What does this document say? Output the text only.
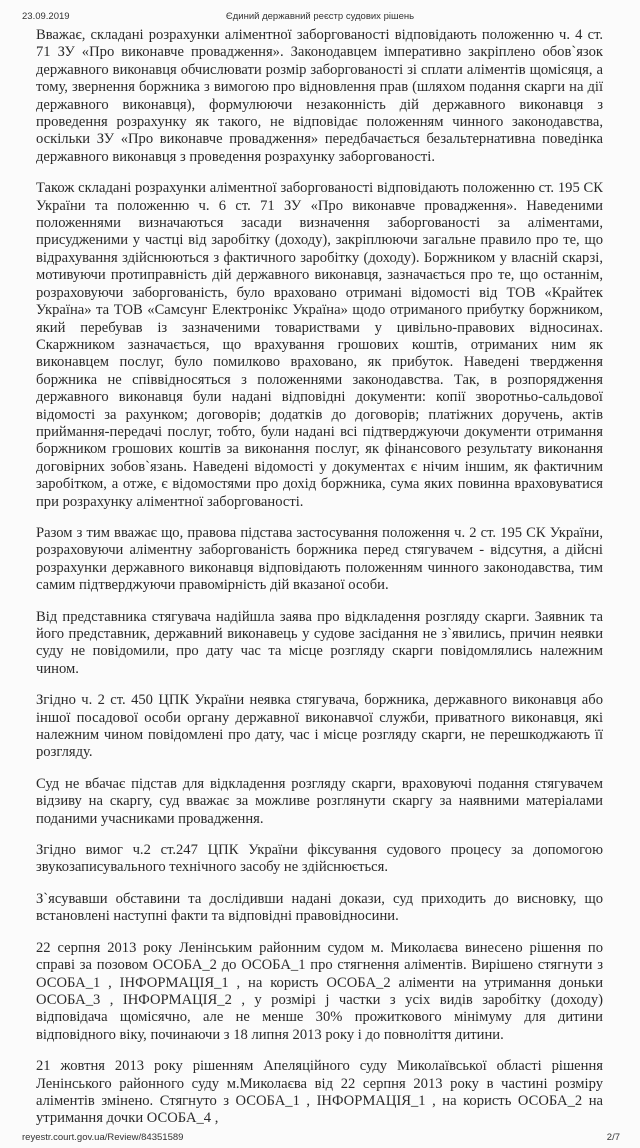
23.09.2019	Єдиний державний реєстр судових рішень

Вважає, складані розрахунки аліментної заборгованості відповідають положенню ч. 4 ст. 71 ЗУ «Про виконавче провадження». Законодавцем імперативно закріплено обов`язок державного виконавця обчислювати розмір заборгованості зі сплати аліментів щомісяця, а тому, звернення боржника з вимогою про відновлення прав (шляхом подання скарги на дії державного виконавця), формулюючи незаконність дій державного виконавця з проведення розрахунку як такого, не відповідає положенням чинного законодавства, оскільки ЗУ «Про виконавче провадження» передбачається безальтернативна поведінка державного виконавця з проведення розрахунку заборгованості.

Також складані розрахунки аліментної заборгованості відповідають положенню ст. 195 СК України та положенню ч. 6 ст. 71 ЗУ «Про виконавче провадження». Наведеними положеннями визначаються засади визначення заборгованості за аліментами, присудженими у частці від заробітку (доходу), закріплюючи загальне правило про те, що відрахування здійснюються з фактичного заробітку (доходу). Боржником у власній скарзі, мотивуючи протиправність дій державного виконавця, зазначається про те, що останнім, розраховуючи заборгованість, було враховано отримані відомості від ТОВ «Крайтек Україна» та ТОВ «Самсунг Електронікс Україна» щодо отриманого прибутку боржником, який перебував із зазначеними товариствами у цивільно-правових відносинах. Скаржником зазначається, що врахування грошових коштів, отриманих ним як виконавцем послуг, було помилково враховано, як прибуток. Наведені твердження боржника не співвідносяться з положеннями законодавства. Так, в розпорядження державного виконавця були надані відповідні документи: копії зворотньо-сальдової відомості за рахунком; договорів; додатків до договорів; платіжних доручень, актів приймання-передачі послуг, тобто, були надані всі підтверджуючи документи отримання боржником грошових коштів за виконання послуг, як фінансового результату виконання договірних зобов`язань. Наведені відомості у документах є нічим іншим, як фактичним заробітком, а отже, є відомостями про дохід боржника, сума яких повинна враховуватися при розрахунку аліментної заборгованості.

Разом з тим вважає що, правова підстава застосування положення ч. 2 ст. 195 СК України, розраховуючи аліментну заборгованість боржника перед стягувачем - відсутня, а дійсні розрахунки державного виконавця відповідають положенням чинного законодавства, тим самим підтверджуючи правомірність дій вказаної особи.

Від представника стягувача надійшла заява про відкладення розгляду скарги. Заявник та його представник, державний виконавець у судове засідання не з`явились, причин неявки суду не повідомили, про дату час та місце розгляду скарги повідомлялись належним чином.

Згідно ч. 2 ст. 450 ЦПК України неявка стягувача, боржника, державного виконавця або іншої посадової особи органу державної виконавчої служби, приватного виконавця, які належним чином повідомлені про дату, час і місце розгляду скарги, не перешкоджають її розгляду.

Суд не вбачає підстав для відкладення розгляду скарги, враховуючі подання стягувачем відзиву на скаргу, суд вважає за можливе розглянути скаргу за наявними матеріалами поданими учасниками провадження.

Згідно вимог ч.2 ст.247 ЦПК України фіксування судового процесу за допомогою звукозаписувального технічного засобу не здійснюється.

З`ясувавши обставини та дослідивши надані докази, суд приходить до висновку, що встановлені наступні факти та відповідні правовідносини.

22 серпня 2013 року Ленінським районним судом м. Миколаєва винесено рішення по справі за позовом ОСОБА_2 до ОСОБА_1 про стягнення аліментів. Вирішено стягнути з ОСОБА_1 , ІНФОРМАЦІЯ_1 , на користь ОСОБА_2 аліменти на утримання доньки ОСОБА_3 , ІНФОРМАЦІЯ_2 , у розмірі j частки з усіх видів заробітку (доходу) відповідача щомісячно, але не менше 30% прожиткового мінімуму для дитини відповідного віку, починаючи з 18 липня 2013 року і до повноліття дитини.

21 жовтня 2013 року рішенням Апеляційного суду Миколаївської області рішення Ленінського районного суду м.Миколаєва від 22 серпня 2013 року в частині розміру аліментів змінено. Стягнуто з ОСОБА_1 , ІНФОРМАЦІЯ_1 , на користь ОСОБА_2 на утримання дочки ОСОБА_4 ,

reyestr.court.gov.ua/Review/84351589	2/7
